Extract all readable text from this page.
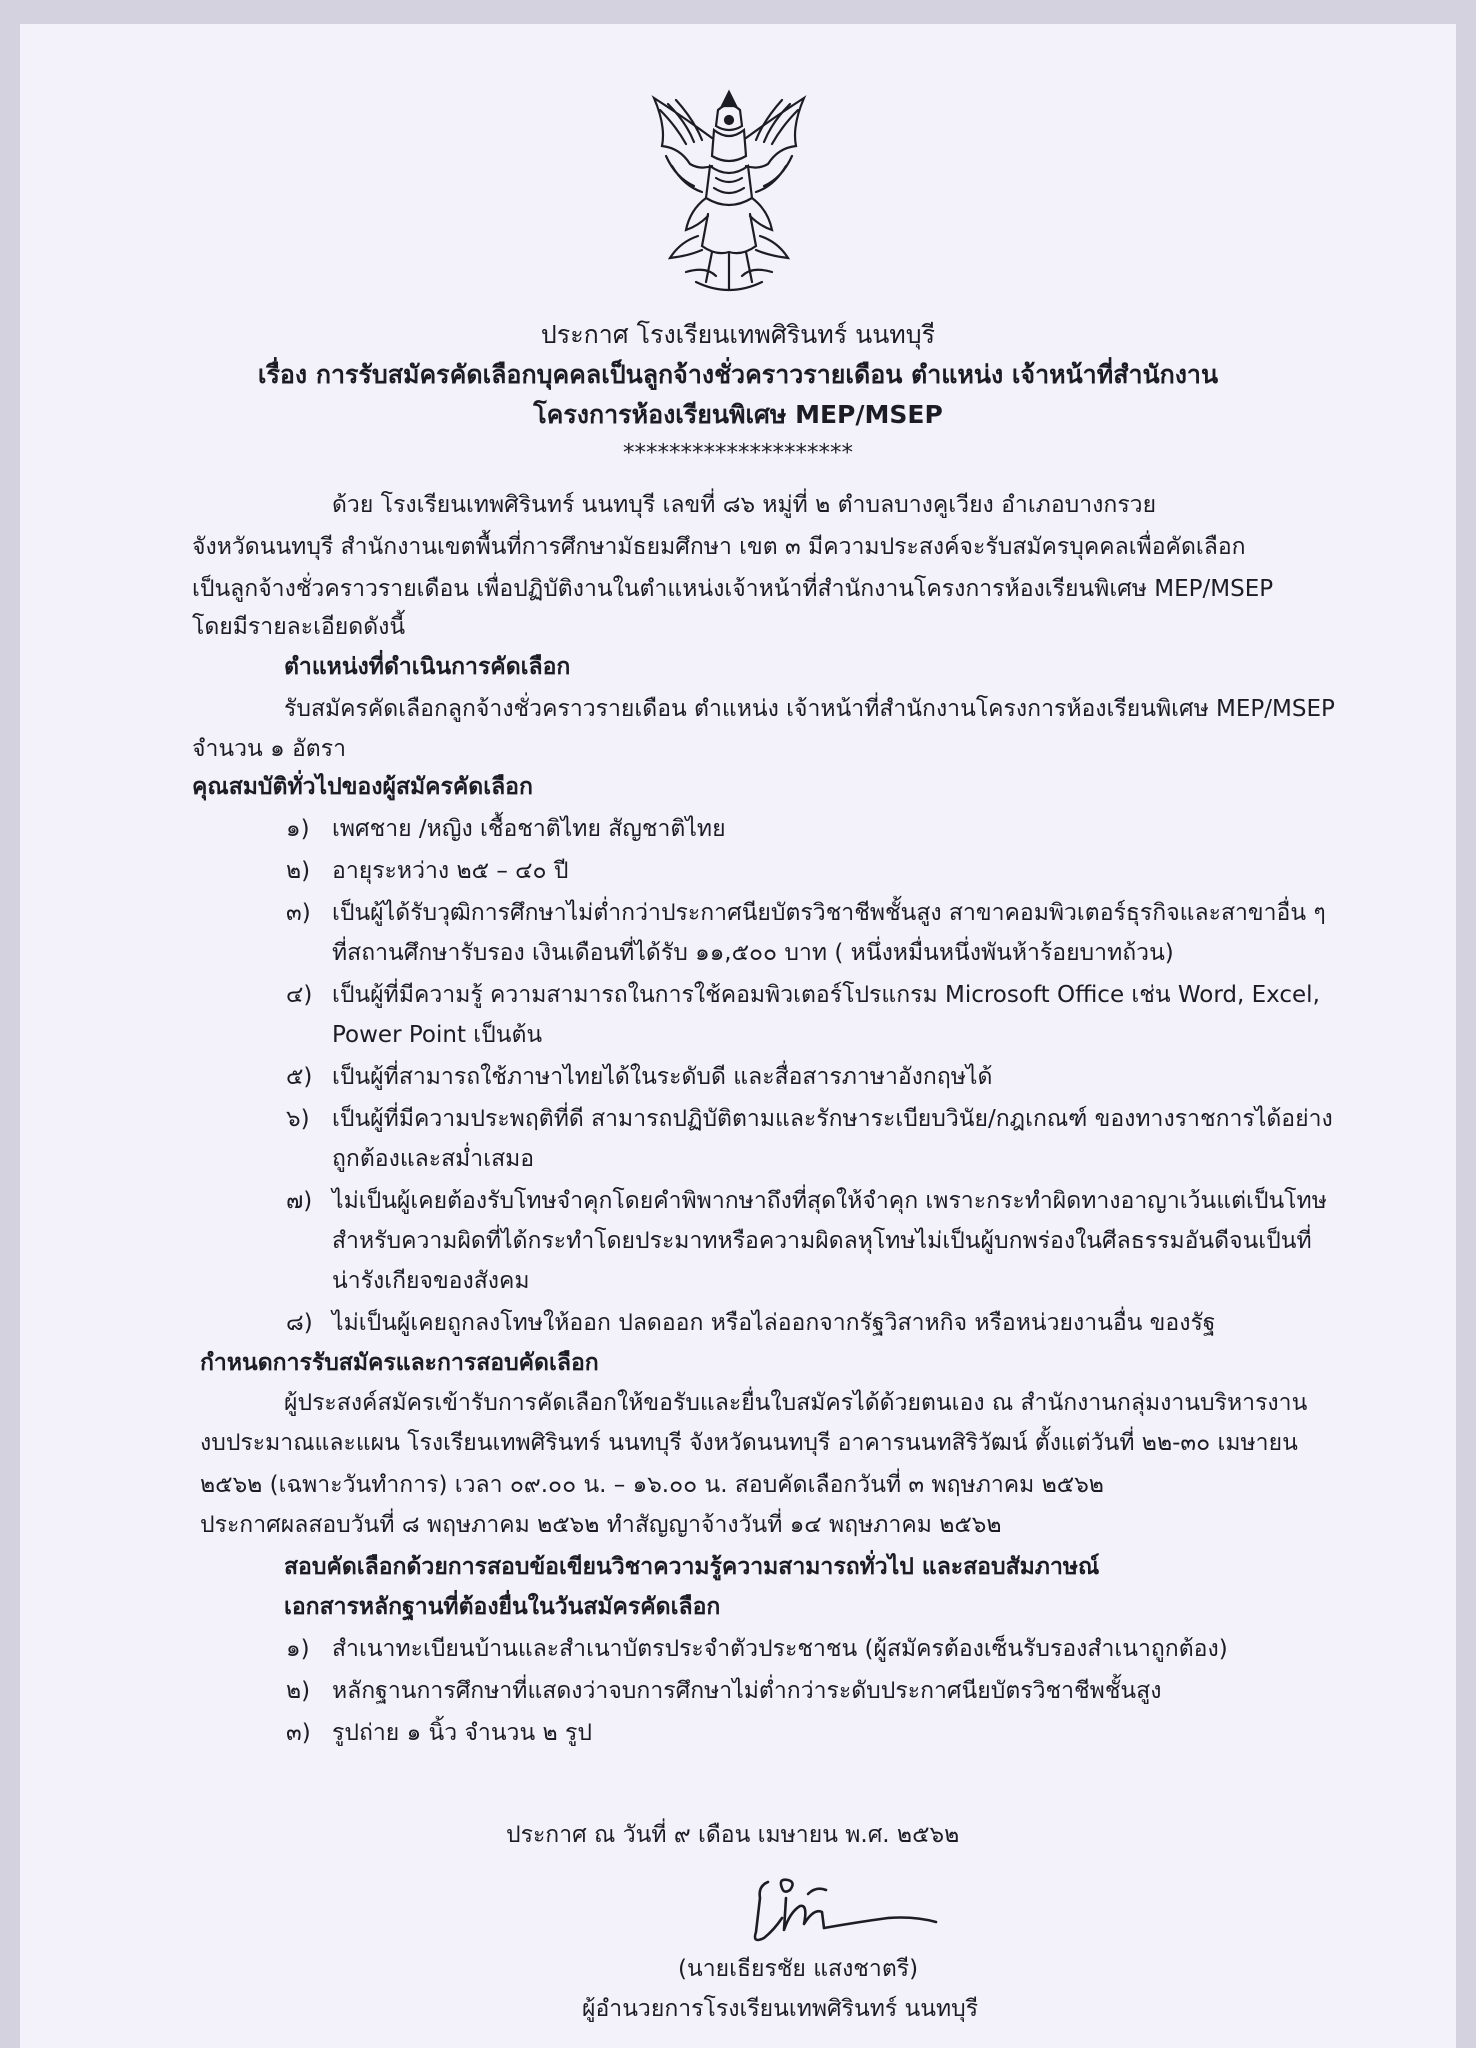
ประกาศ โรงเรียนเทพศิรินทร์ นนทบุรี
เรื่อง การรับสมัครคัดเลือกบุคคลเป็นลูกจ้างชั่วคราวรายเดือน ตำแหน่ง เจ้าหน้าที่สำนักงาน
โครงการห้องเรียนพิเศษ MEP/MSEP
********************
ด้วย โรงเรียนเทพศิรินทร์ นนทบุรี เลขที่ ๘๖ หมู่ที่ ๒ ตำบลบางคูเวียง อำเภอบางกรวย
จังหวัดนนทบุรี สำนักงานเขตพื้นที่การศึกษามัธยมศึกษา เขต ๓ มีความประสงค์จะรับสมัครบุคคลเพื่อคัดเลือก
เป็นลูกจ้างชั่วคราวรายเดือน เพื่อปฏิบัติงานในตำแหน่งเจ้าหน้าที่สำนักงานโครงการห้องเรียนพิเศษ MEP/MSEP
โดยมีรายละเอียดดังนี้
ตำแหน่งที่ดำเนินการคัดเลือก
รับสมัครคัดเลือกลูกจ้างชั่วคราวรายเดือน ตำแหน่ง เจ้าหน้าที่สำนักงานโครงการห้องเรียนพิเศษ MEP/MSEP
จำนวน ๑ อัตรา
คุณสมบัติทั่วไปของผู้สมัครคัดเลือก
๑) เพศชาย /หญิง เชื้อชาติไทย สัญชาติไทย
๒) อายุระหว่าง ๒๕ – ๔๐ ปี
๓) เป็นผู้ได้รับวุฒิการศึกษาไม่ต่ำกว่าประกาศนียบัตรวิชาชีพชั้นสูง สาขาคอมพิวเตอร์ธุรกิจและสาขาอื่น ๆ
ที่สถานศึกษารับรอง เงินเดือนที่ได้รับ ๑๑,๕๐๐ บาท ( หนึ่งหมื่นหนึ่งพันห้าร้อยบาทถ้วน)
๔) เป็นผู้ที่มีความรู้ ความสามารถในการใช้คอมพิวเตอร์โปรแกรม Microsoft Office เช่น Word, Excel,
Power Point เป็นต้น
๕) เป็นผู้ที่สามารถใช้ภาษาไทยได้ในระดับดี และสื่อสารภาษาอังกฤษได้
๖) เป็นผู้ที่มีความประพฤติที่ดี สามารถปฏิบัติตามและรักษาระเบียบวินัย/กฎเกณฑ์ ของทางราชการได้อย่าง
ถูกต้องและสม่ำเสมอ
๗) ไม่เป็นผู้เคยต้องรับโทษจำคุกโดยคำพิพากษาถึงที่สุดให้จำคุก เพราะกระทำผิดทางอาญาเว้นแต่เป็นโทษ
สำหรับความผิดที่ได้กระทำโดยประมาทหรือความผิดลหุโทษไม่เป็นผู้บกพร่องในศีลธรรมอันดีจนเป็นที่
น่ารังเกียจของสังคม
๘) ไม่เป็นผู้เคยถูกลงโทษให้ออก ปลดออก หรือไล่ออกจากรัฐวิสาหกิจ หรือหน่วยงานอื่น ของรัฐ
กำหนดการรับสมัครและการสอบคัดเลือก
ผู้ประสงค์สมัครเข้ารับการคัดเลือกให้ขอรับและยื่นใบสมัครได้ด้วยตนเอง ณ สำนักงานกลุ่มงานบริหารงาน
งบประมาณและแผน โรงเรียนเทพศิรินทร์ นนทบุรี จังหวัดนนทบุรี อาคารนนทสิริวัฒน์ ตั้งแต่วันที่ ๒๒-๓๐ เมษายน
๒๕๖๒ (เฉพาะวันทำการ) เวลา ๐๙.๐๐ น. – ๑๖.๐๐ น. สอบคัดเลือกวันที่ ๓ พฤษภาคม ๒๕๖๒
ประกาศผลสอบวันที่ ๘ พฤษภาคม ๒๕๖๒ ทำสัญญาจ้างวันที่ ๑๔ พฤษภาคม ๒๕๖๒
สอบคัดเลือกด้วยการสอบข้อเขียนวิชาความรู้ความสามารถทั่วไป และสอบสัมภาษณ์
เอกสารหลักฐานที่ต้องยื่นในวันสมัครคัดเลือก
๑) สำเนาทะเบียนบ้านและสำเนาบัตรประจำตัวประชาชน (ผู้สมัครต้องเซ็นรับรองสำเนาถูกต้อง)
๒) หลักฐานการศึกษาที่แสดงว่าจบการศึกษาไม่ต่ำกว่าระดับประกาศนียบัตรวิชาชีพชั้นสูง
๓) รูปถ่าย ๑ นิ้ว จำนวน ๒ รูป
ประกาศ ณ วันที่ ๙ เดือน เมษายน พ.ศ. ๒๕๖๒
(นายเธียรชัย แสงชาตรี)
ผู้อำนวยการโรงเรียนเทพศิรินทร์ นนทบุรี
